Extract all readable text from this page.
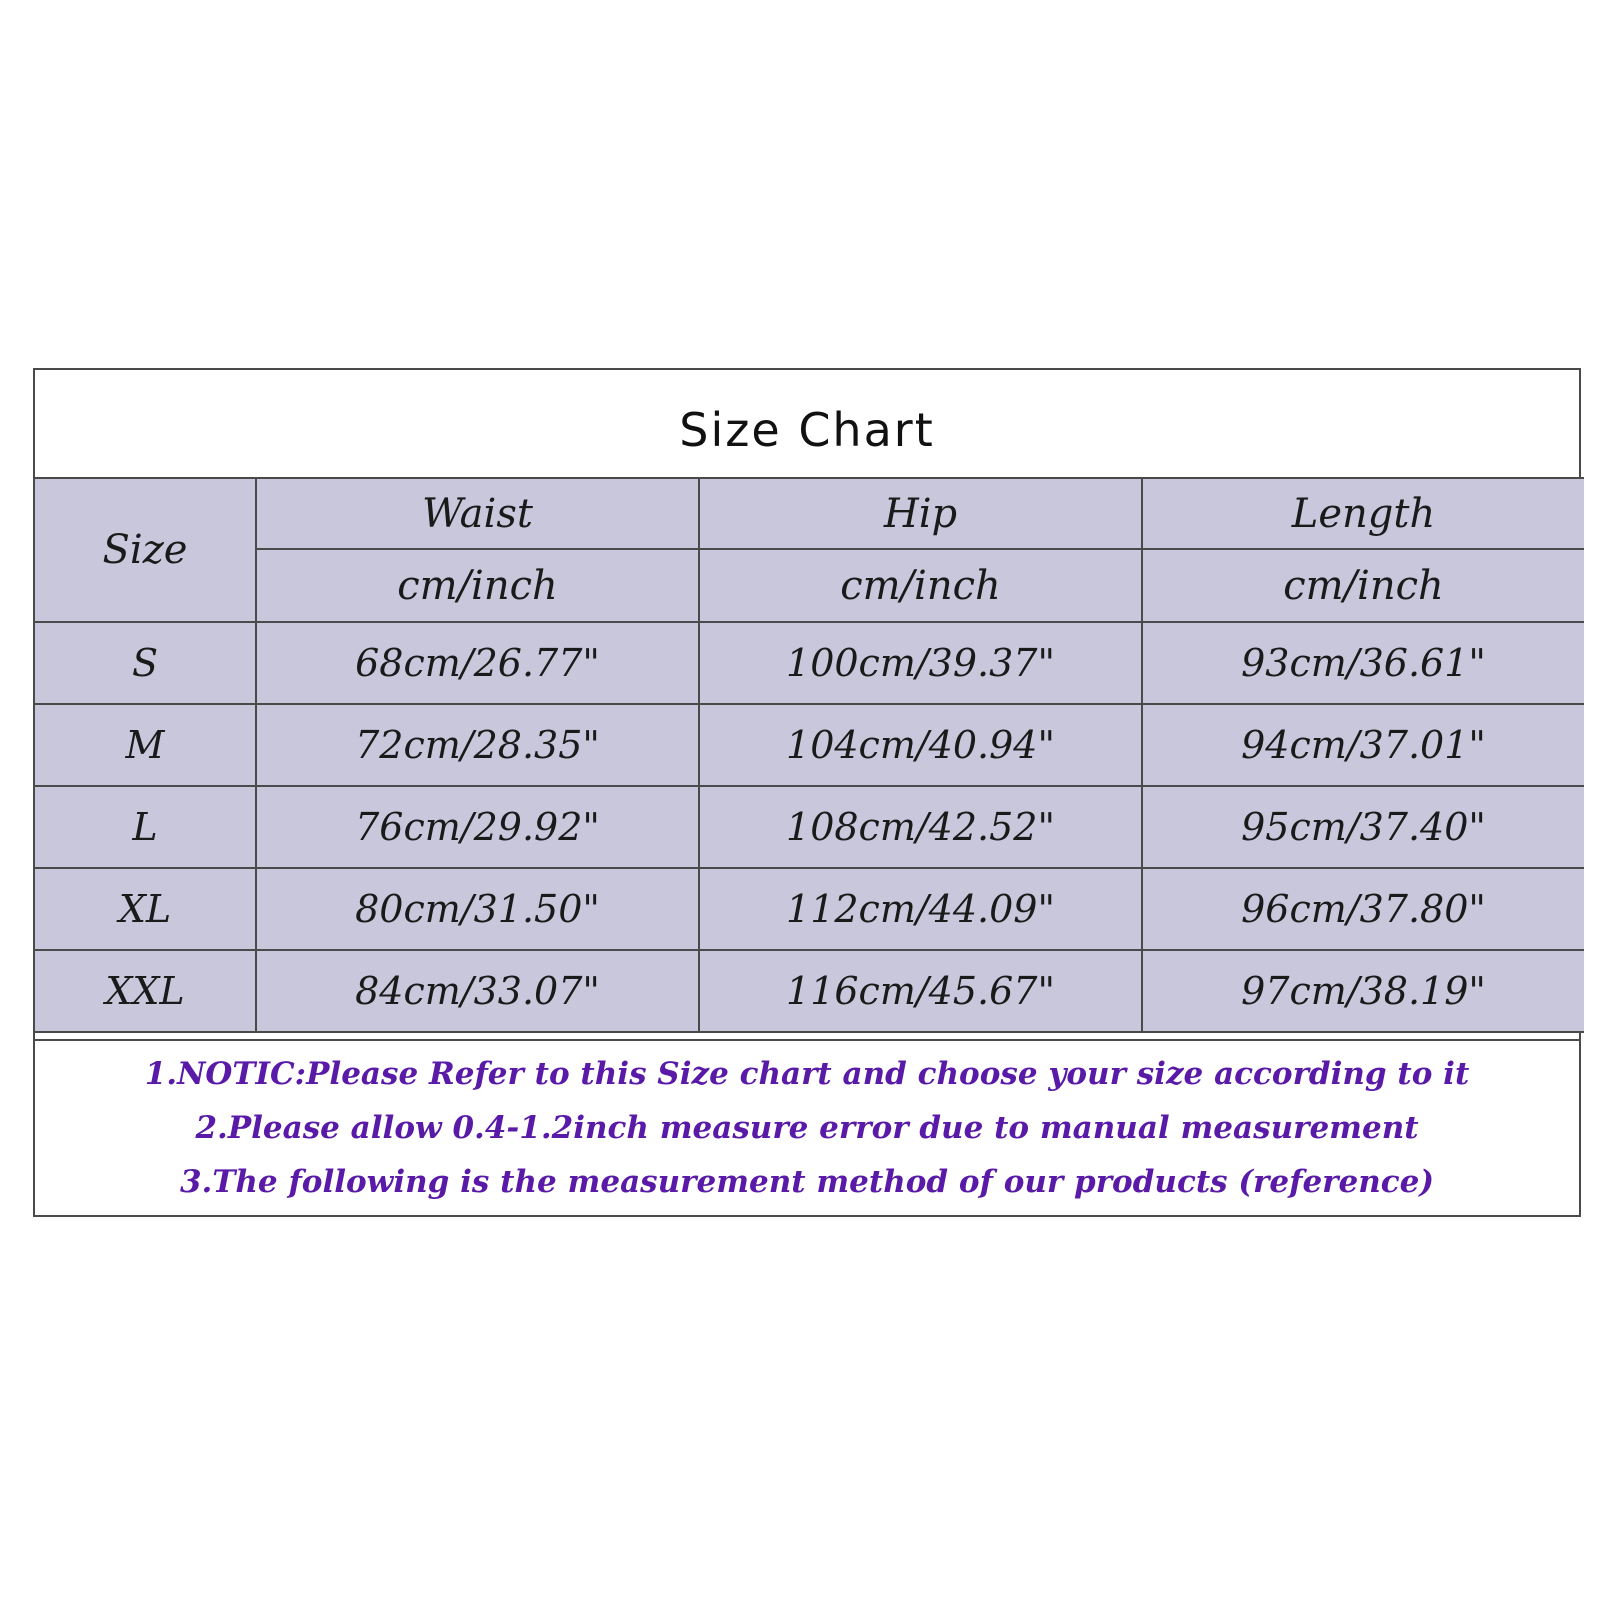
Size Chart
Size	Waist	Hip	Length
	cm/inch	cm/inch	cm/inch
S	68cm/26.77"	100cm/39.37"	93cm/36.61"
M	72cm/28.35"	104cm/40.94"	94cm/37.01"
L	76cm/29.92"	108cm/42.52"	95cm/37.40"
XL	80cm/31.50"	112cm/44.09"	96cm/37.80"
XXL	84cm/33.07"	116cm/45.67"	97cm/38.19"
1.NOTIC:Please Refer to this Size chart and choose your size according to it
2.Please allow 0.4-1.2inch measure error due to manual measurement
3.The following is the measurement method of our products (reference)
